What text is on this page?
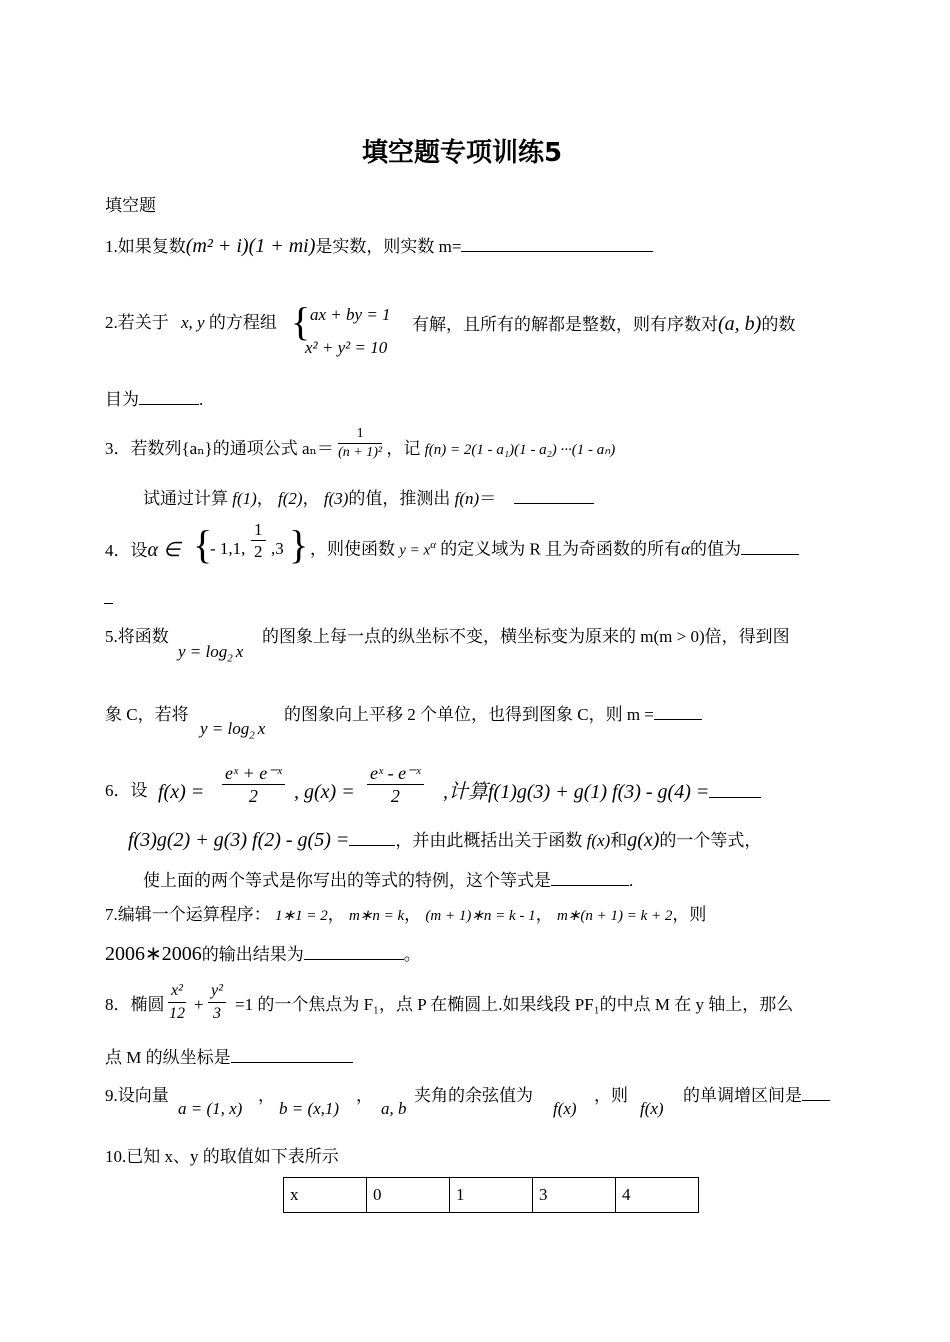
填空题专项训练5
填空题
1.如果复数(m² + i)(1 + mi)是实数，则实数 m=
2.若关于 x, y 的方程组 { ax + by = 1
x² + y² = 10
有解，且所有的解都是整数，则有序数对(a, b)的数
目为	.
3．若数列{aₙ}的通项公式 $a_n= \frac{1}{\text{(n + 1)²}}$ ，记 f(n) = 2(1 - a₁)(1 - a₂) ···(1 - aₙ)
试通过计算 f(1)， f(2)， f(3)的值，推测出 f(n)＝
4．设α ∈ {
- 1,1, $\frac{1}{2} ,3$ } ，则使函数 $y = x^\alpha$ 的定义域为 R 且为奇函数的所有α的值为
5.将函数
$y = \log_2 x$
的图象上每一点的纵坐标不变，横坐标变为原来的 m(m > 0)倍，得到图
象 C，若将
$y = \log_2 x$
的图象向上平移 2 个单位，也得到图象 C，则 m =
6．设 $f(x) = \frac{\text{eˣ + e⁻ˣ}}{2}$ , $g(x) = \frac{\text{eˣ - e⁻ˣ}}{2}$ ,计算f(1)g(3) + g(1) f(3) - g(4) =
f(3)g(2) + g(3) f(2) - g(5) =	，并由此概括出关于函数 f(x)和g(x)的一个等式，
使上面的两个等式是你写出的等式的特例，这个等式是	.
7.编辑一个运算程序： 1∗1 = 2， m∗n = k， (m + 1)∗n = k - 1， m∗(n + 1) = k + 2，则
2006∗2006的输出结果为	。
8．椭圆 $\frac{\text{x²}}{12} + \frac{\text{y²}}{3} =1$ 的一个焦点为 F₁，点 P 在椭圆上.如果线段 PF₁的中点 M 在 y 轴上，那么
点 M 的纵坐标是
9.设向量
a = (1, x)
，
b = (x,1)
，
a, b
夹角的余弦值为
f(x)
，则
f(x)
的单调增区间是
10.已知 x、y 的取值如下表所示
x	0	1	3	4
